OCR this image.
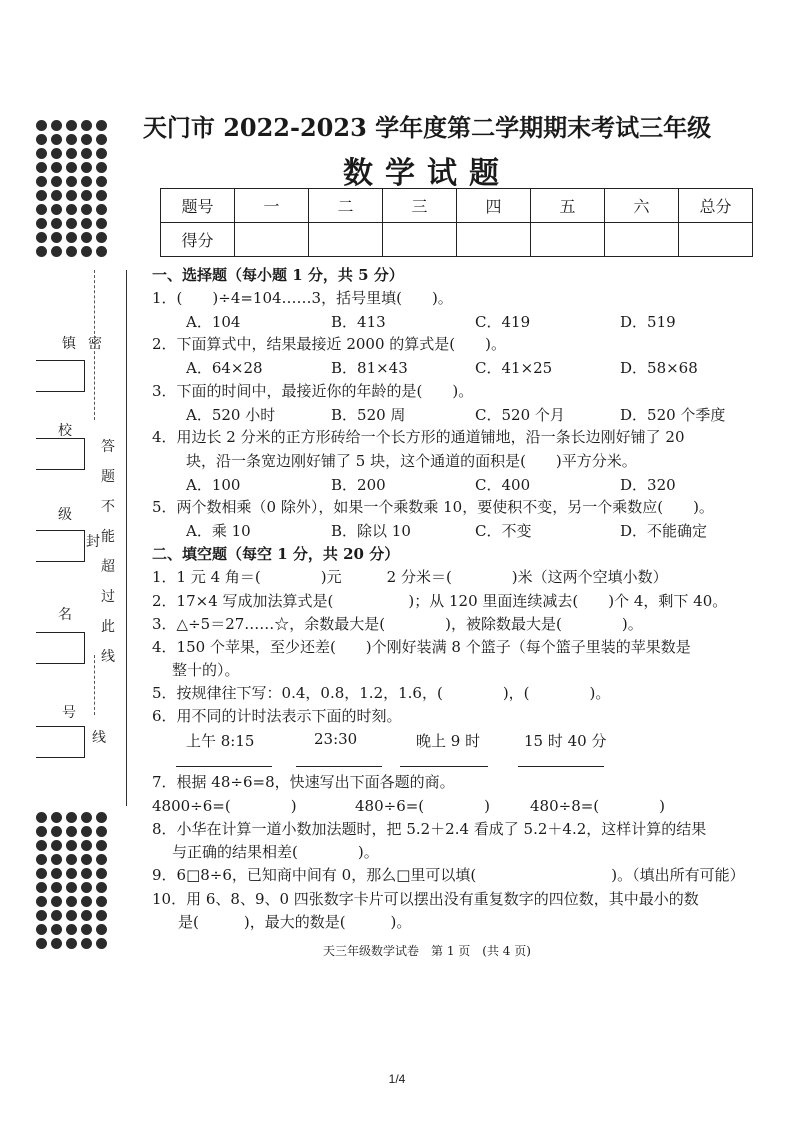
镇 密
校
级
名
号
答
题
不
能
超
过
此
线
封
线
天门市 2022-2023 学年度第二学期期末考试三年级
数学试题
题号	一	二	三	四	五	六	总分
得分							
一、选择题（每小题 1 分，共 5 分）
1．(　　)÷4=104……3，括号里填(　　)。
A．104	B．413	C．419	D．519
2．下面算式中，结果最接近 2000 的算式是(　　)。
A．64×28	B．81×43	C．41×25	D．58×68
3．下面的时间中，最接近你的年龄的是(　　)。
A．520 小时	B．520 周	C．520 个月	D．520 个季度
4．用边长 2 分米的正方形砖给一个长方形的通道铺地，沿一条长边刚好铺了 20
块，沿一条宽边刚好铺了 5 块，这个通道的面积是(　　)平方分米。
A．100	B．200	C．400	D．320
5．两个数相乘（0 除外），如果一个乘数乘 10，要使积不变，另一个乘数应(　　)。
A．乘 10	B．除以 10	C．不变	D．不能确定
二、填空题（每空 1 分，共 20 分）
1．1 元 4 角＝(　　　　)元　　　2 分米＝(　　　　)米（这两个空填小数）
2．17×4 写成加法算式是(　　　　　)；从 120 里面连续减去(　　)个 4，剩下 40。
3．△÷5＝27……☆，余数最大是(　　　　)，被除数最大是(　　　　)。
4．150 个苹果，至少还差(　　)个刚好装满 8 个篮子（每个篮子里装的苹果数是
整十的）。
5．按规律往下写：0.4，0.8，1.2，1.6，(　　　　)，(　　　　)。
6．用不同的计时法表示下面的时刻。
上午 8:15	23:30	晚上 9 时	15 时 40 分
7．根据 48÷6=8，快速写出下面各题的商。
4800÷6=(　　　　)	480÷6=(　　　　)	480÷8=(　　　　)
8．小华在计算一道小数加法题时，把 5.2＋2.4 看成了 5.2＋4.2，这样计算的结果
与正确的结果相差(　　　　)。
9．6□8÷6，已知商中间有 0，那么□里可以填(　　　　　　　　　)。（填出所有可能）
10．用 6、8、9、0 四张数字卡片可以摆出没有重复数字的四位数，其中最小的数
是(　　　)，最大的数是(　　　)。
天三年级数学试卷　第 1 页　(共 4 页)
1/4
